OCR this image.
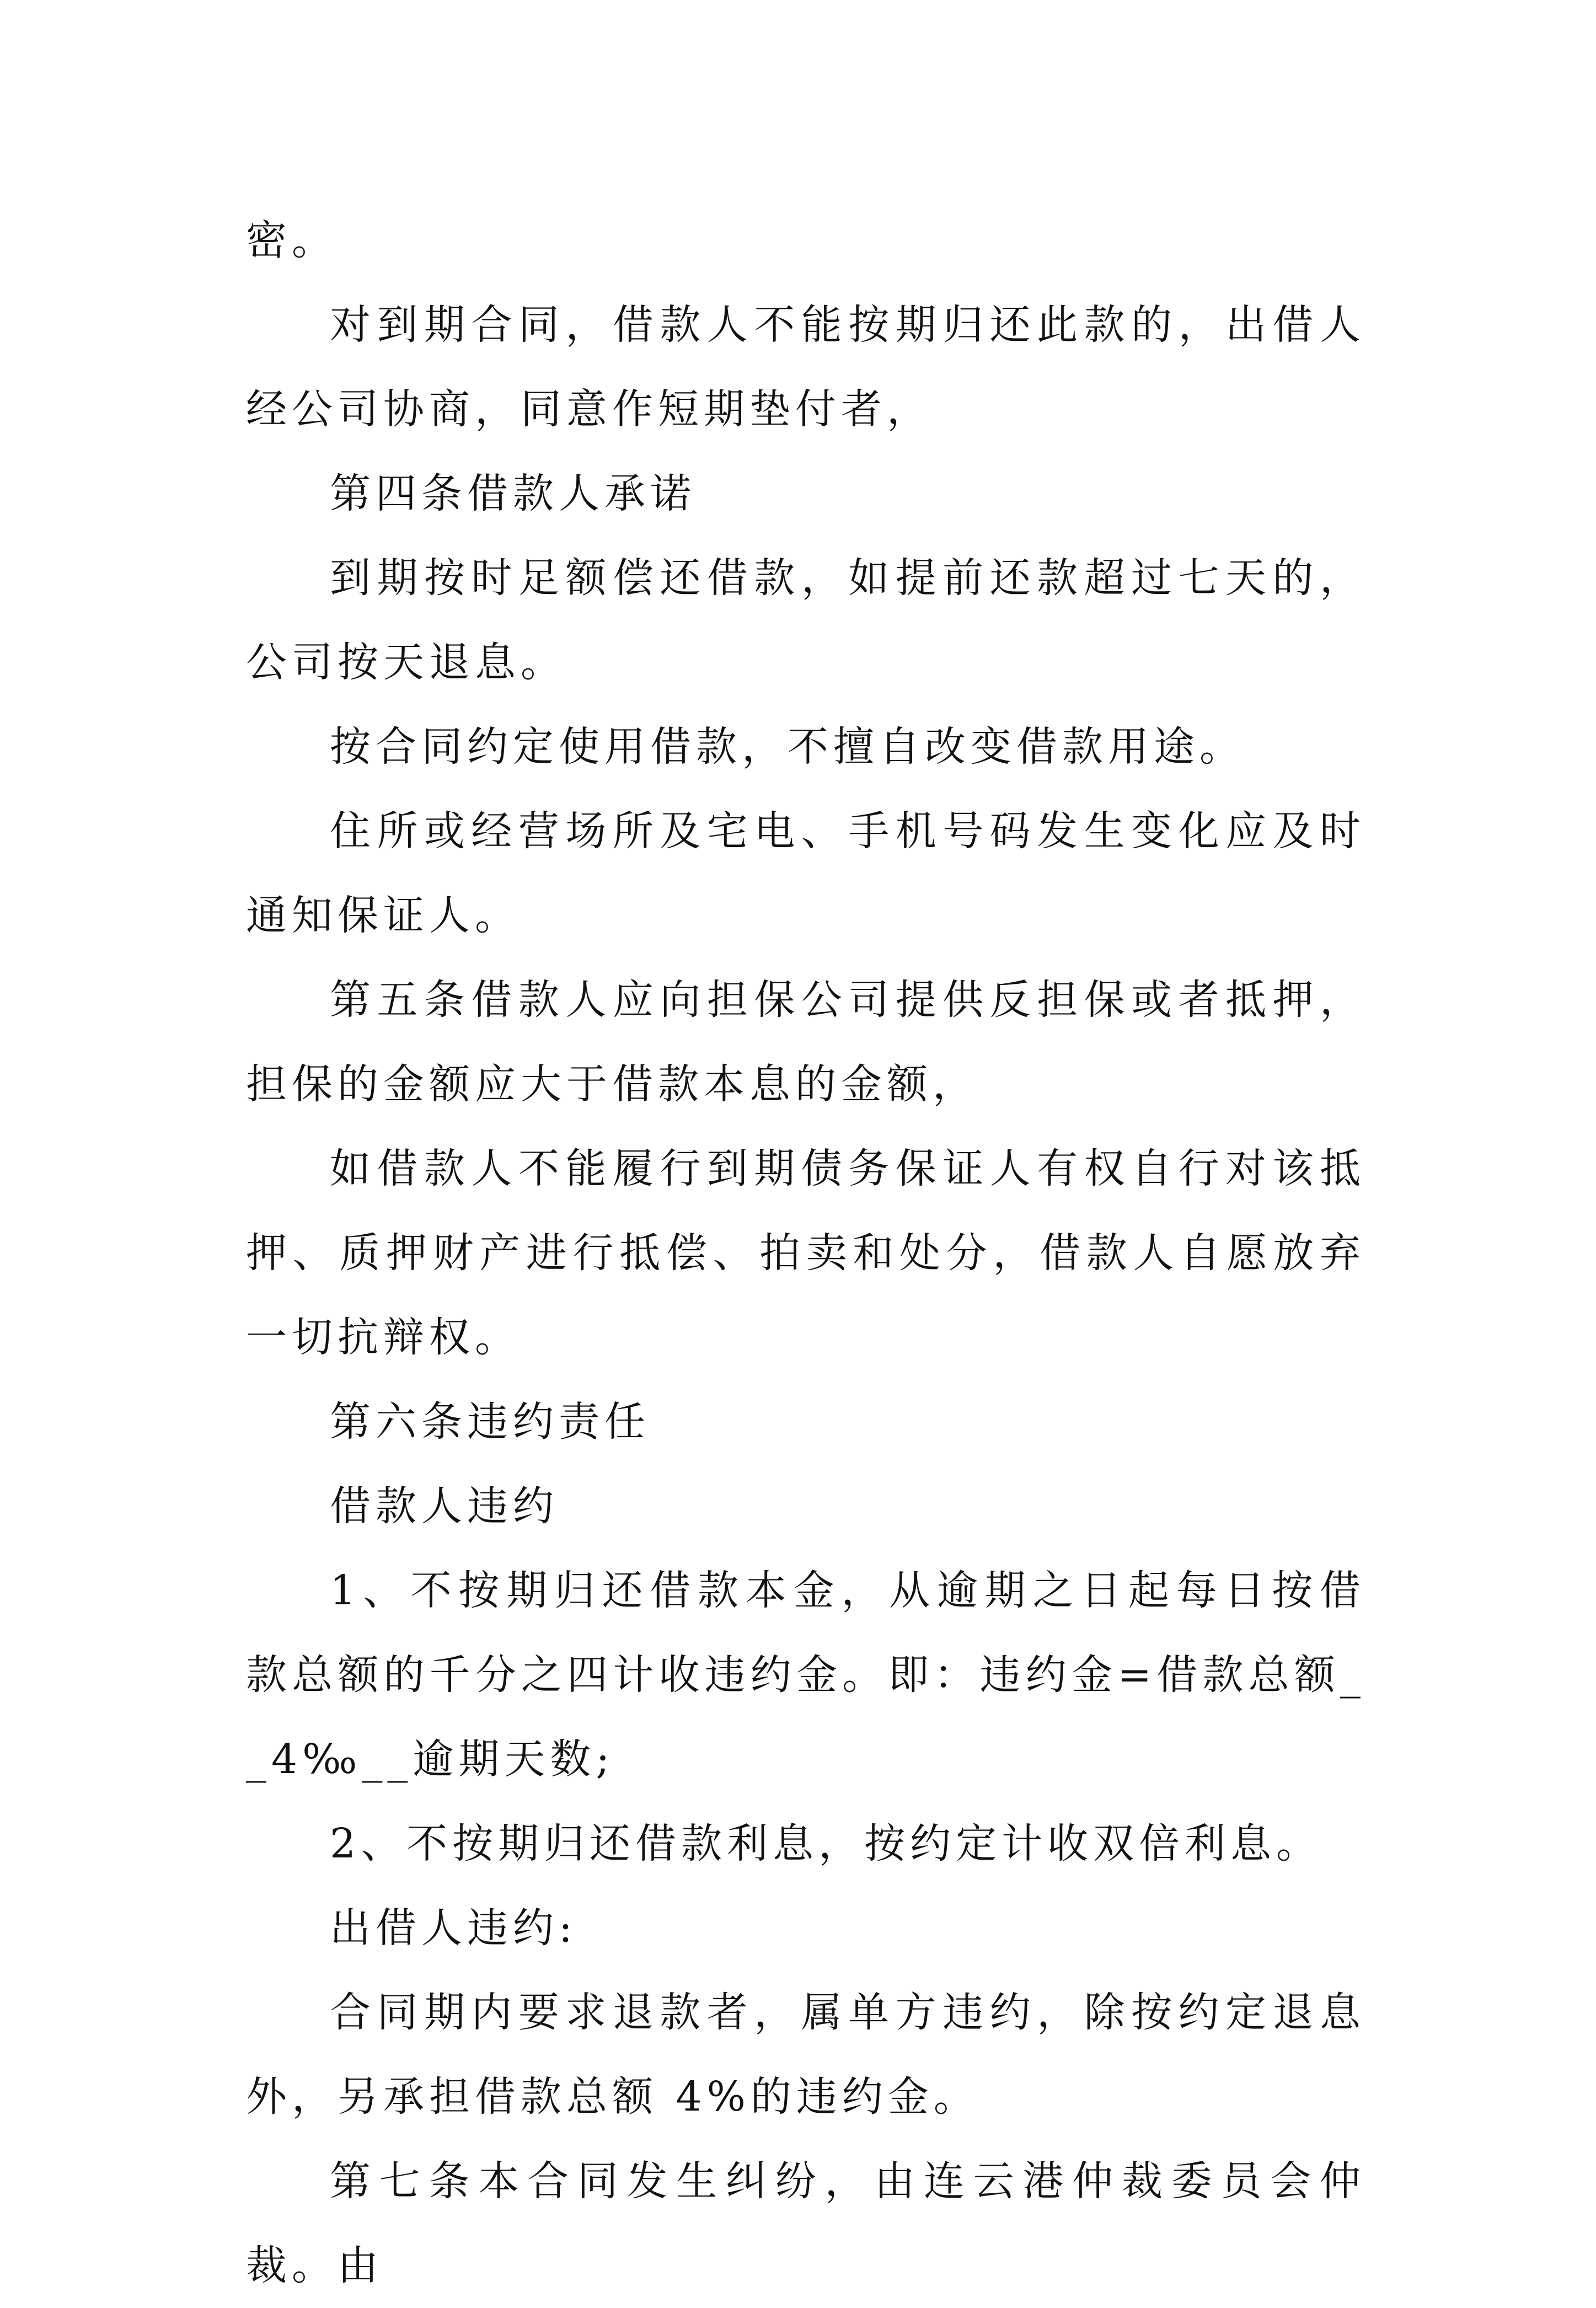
密。

对到期合同，借款人不能按期归还此款的，出借人经公司协商，同意作短期垫付者，

第四条借款人承诺

到期按时足额偿还借款，如提前还款超过七天的，公司按天退息。

按合同约定使用借款，不擅自改变借款用途。

住所或经营场所及宅电、手机号码发生变化应及时通知保证人。

第五条借款人应向担保公司提供反担保或者抵押，担保的金额应大于借款本息的金额，

如借款人不能履行到期债务保证人有权自行对该抵押、质押财产进行抵偿、拍卖和处分，借款人自愿放弃一切抗辩权。

第六条违约责任

借款人违约

1、不按期归还借款本金，从逾期之日起每日按借款总额的千分之四计收违约金。即：违约金=借款总额__4‰__逾期天数;

2、不按期归还借款利息，按约定计收双倍利息。

出借人违约:

合同期内要求退款者，属单方违约，除按约定退息外，另承担借款总额 4%的违约金。

第七条本合同发生纠纷，由连云港仲裁委员会仲裁。由
